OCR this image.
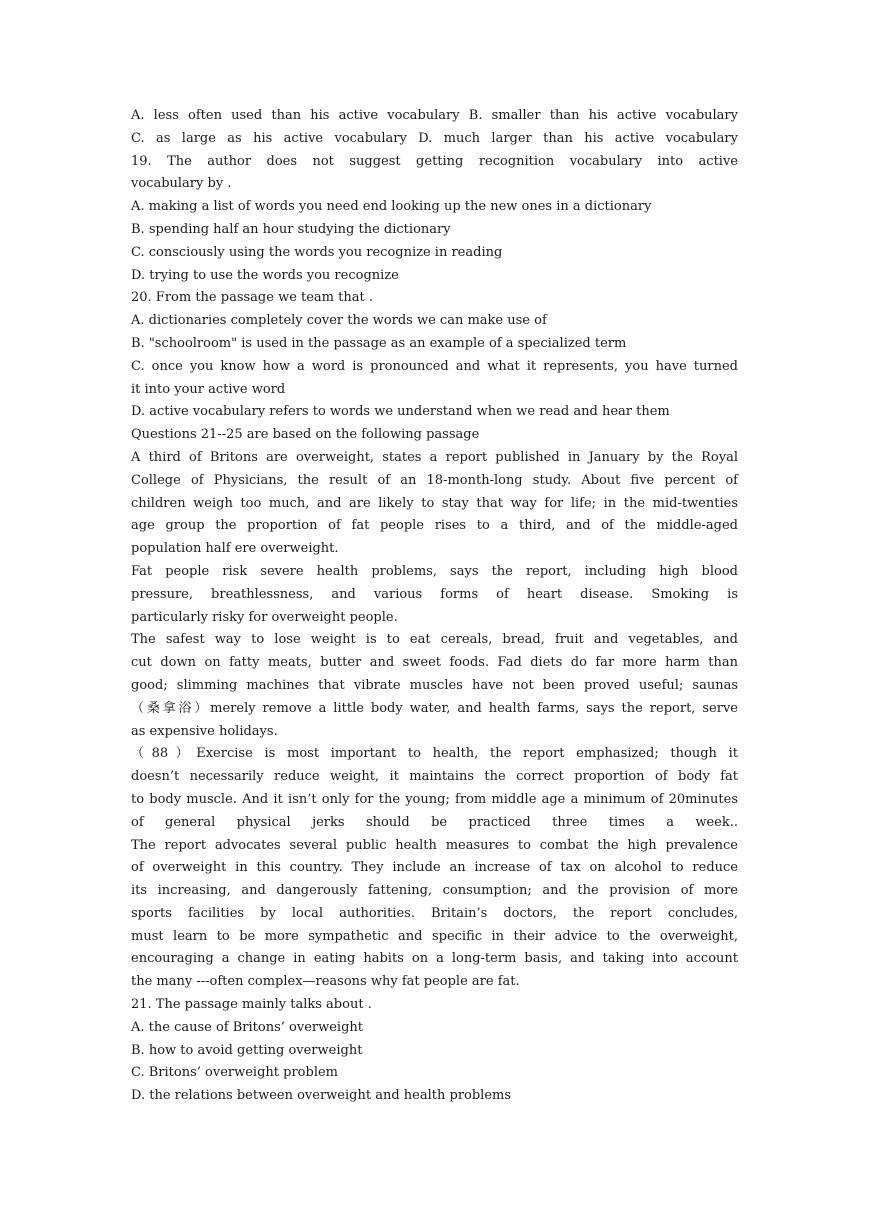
A. less often used than his active vocabulary B. smaller than his active vocabulary
C. as large as his active vocabulary D. much larger than his active vocabulary
19. The author does not suggest getting recognition vocabulary into active
vocabulary by .
A. making a list of words you need end looking up the new ones in a dictionary
B. spending half an hour studying the dictionary
C. consciously using the words you recognize in reading
D. trying to use the words you recognize
20. From the passage we team that .
A. dictionaries completely cover the words we can make use of
B. "schoolroom" is used in the passage as an example of a specialized term
C. once you know how a word is pronounced and what it represents, you have turned
it into your active word
D. active vocabulary refers to words we understand when we read and hear them
Questions 21--25 are based on the following passage
A third of Britons are overweight, states a report published in January by the Royal
College of Physicians, the result of an 18-month-long study. About five percent of
children weigh too much, and are likely to stay that way for life; in the mid-twenties
age group the proportion of fat people rises to a third, and of the middle-aged
population half ere overweight.
Fat people risk severe health problems, says the report, including high blood
pressure, breathlessness, and various forms of heart disease. Smoking is
particularly risky for overweight people.
The safest way to lose weight is to eat cereals, bread, fruit and vegetables, and
cut down on fatty meats, butter and sweet foods. Fad diets do far more harm than
good; slimming machines that vibrate muscles have not been proved useful; saunas
（桑拿浴）merely remove a little body water, and health farms, says the report, serve
as expensive holidays.
（88）Exercise is most important to health, the report emphasized; though it
doesn’t necessarily reduce weight, it maintains the correct proportion of body fat
to body muscle. And it isn’t only for the young; from middle age a minimum of 20minutes
of general physical jerks should be practiced three times a week..
The report advocates several public health measures to combat the high prevalence
of overweight in this country. They include an increase of tax on alcohol to reduce
its increasing, and dangerously fattening, consumption; and the provision of more
sports facilities by local authorities. Britain’s doctors, the report concludes,
must learn to be more sympathetic and specific in their advice to the overweight,
encouraging a change in eating habits on a long-term basis, and taking into account
the many ---often complex—reasons why fat people are fat.
21. The passage mainly talks about .
A. the cause of Britons’ overweight
B. how to avoid getting overweight
C. Britons’ overweight problem
D. the relations between overweight and health problems
